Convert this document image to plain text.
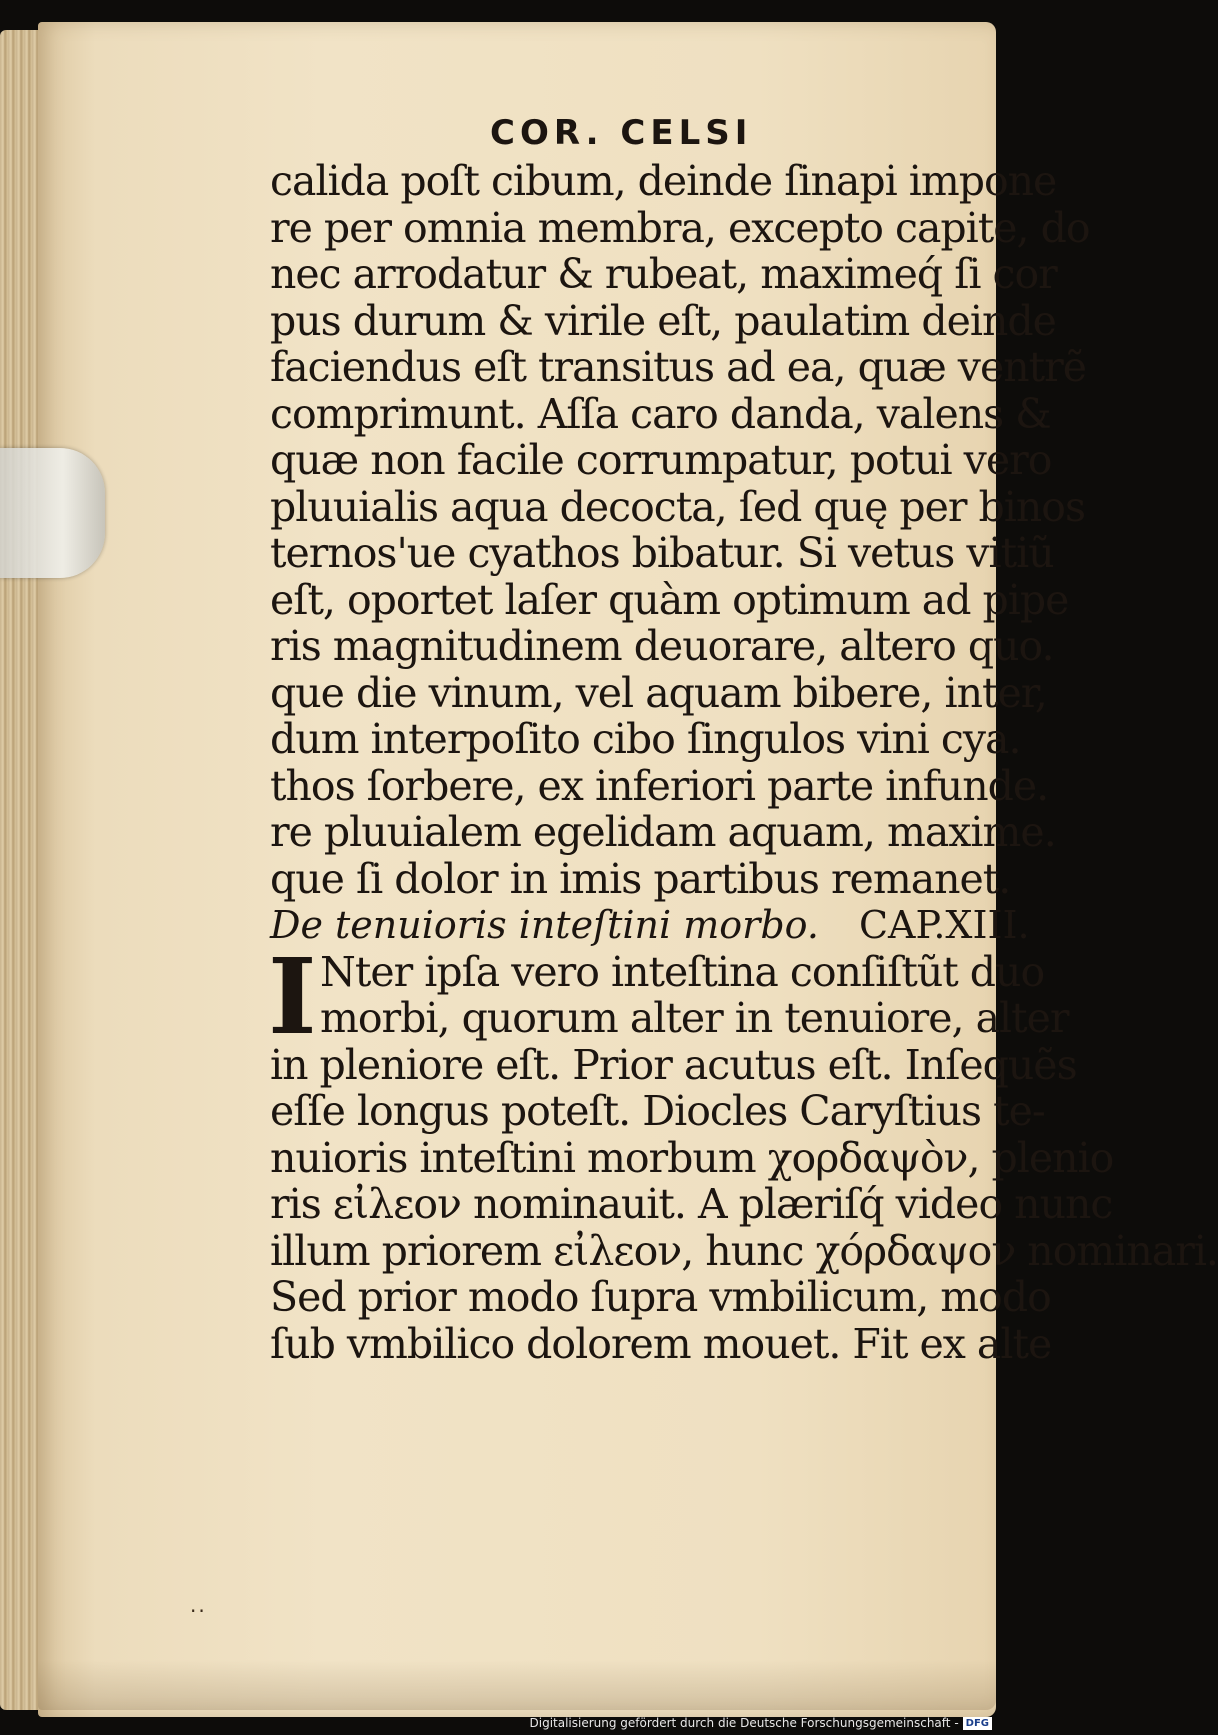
COR. CELSI
calida poſt cibum, deinde ſinapi impone
re per omnia membra, excepto capite, do
nec arrodatur & rubeat, maximeq́ ſi cor
pus durum & virile eſt, paulatim deinde
faciendus eſt transitus ad ea, quæ ventrẽ
comprimunt. Aſſa caro danda, valens &
quæ non facile corrumpatur, potui vero
pluuialis aqua decocta, ſed quę per binos
ternos'ue cyathos bibatur. Si vetus vitiũ
eſt, oportet laſer quàm optimum ad pipe
ris magnitudinem deuorare, altero quo.
que die vinum, vel aquam bibere, inter,
dum interpoſito cibo ſingulos vini cya.
thos ſorbere, ex inferiori parte infunde.
re pluuialem egelidam aquam, maxime.
que ſi dolor in imis partibus remanet.
De tenuioris inteſtini morbo. CAP. XIII.
I Nter ipſa vero inteſtina conſiſtũt duo
morbi, quorum alter in tenuiore, alter
in pleniore eſt. Prior acutus eſt. Inſequẽs
eſſe longus poteſt. Diocles Caryſtius te-
nuioris inteſtini morbum χορδαψὸν, plenio
ris εἰλεον nominauit. A plæriſq́ video nunc
illum priorem εἰλεον, hunc χόρδαψον nominari.
Sed prior modo ſupra vmbilicum, modo
ſub vmbilico dolorem mouet. Fit ex alte
..
Digitalisierung gefördert durch die Deutsche Forschungsgemeinschaft - DFG
